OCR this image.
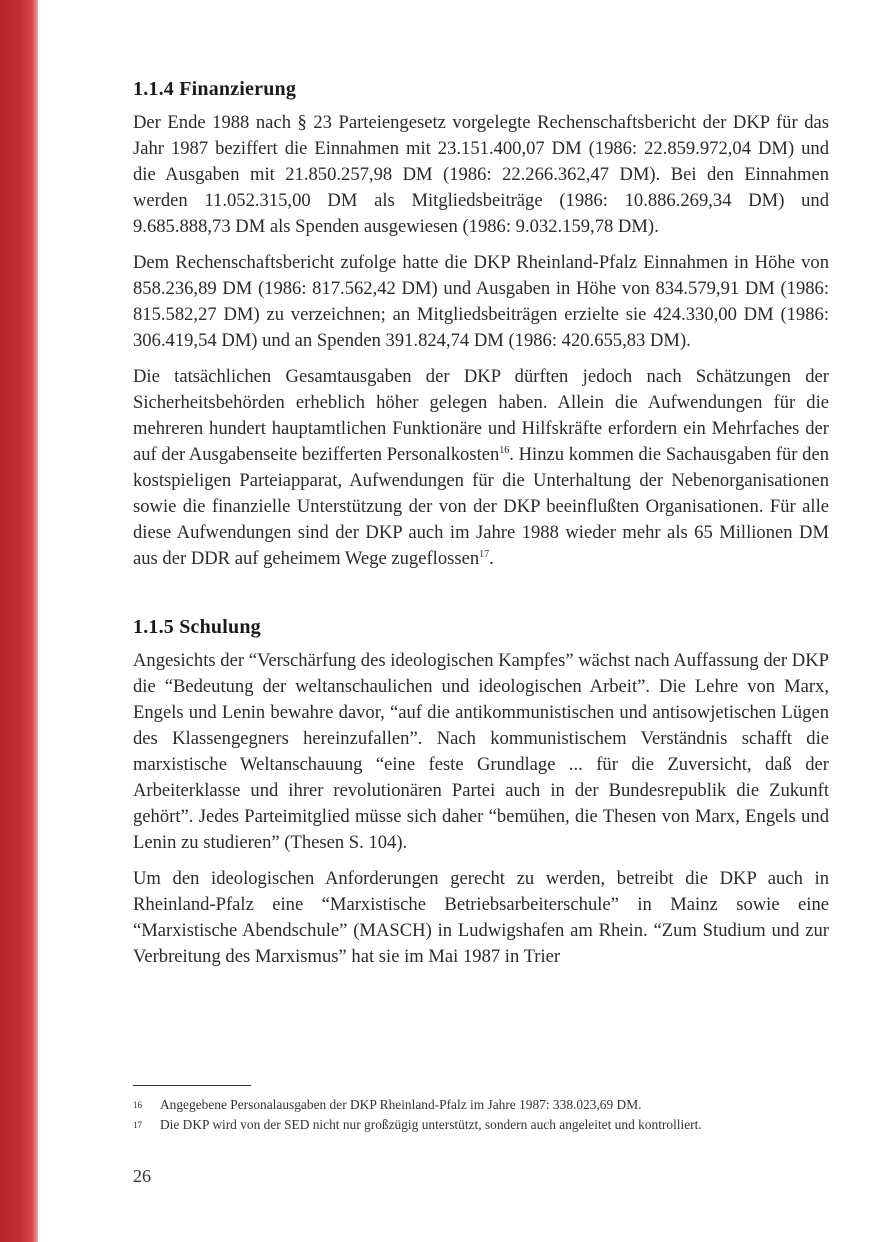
1.1.4 Finanzierung

Der Ende 1988 nach § 23 Parteiengesetz vorgelegte Rechenschaftsbericht der DKP für das Jahr 1987 beziffert die Einnahmen mit 23.151.400,07 DM (1986: 22.859.972,04 DM) und die Ausgaben mit 21.850.257,98 DM (1986: 22.266.362,47 DM). Bei den Einnahmen werden 11.052.315,00 DM als Mitgliedsbeiträge (1986: 10.886.269,34 DM) und 9.685.888,73 DM als Spenden ausgewiesen (1986: 9.032.159,78 DM).

Dem Rechenschaftsbericht zufolge hatte die DKP Rheinland-Pfalz Einnahmen in Höhe von 858.236,89 DM (1986: 817.562,42 DM) und Ausgaben in Höhe von 834.579,91 DM (1986: 815.582,27 DM) zu verzeichnen; an Mitgliedsbeiträgen erzielte sie 424.330,00 DM (1986: 306.419,54 DM) und an Spenden 391.824,74 DM (1986: 420.655,83 DM).

Die tatsächlichen Gesamtausgaben der DKP dürften jedoch nach Schätzungen der Sicherheitsbehörden erheblich höher gelegen haben. Allein die Aufwendungen für die mehreren hundert hauptamtlichen Funktionäre und Hilfskräfte erfordern ein Mehrfaches der auf der Ausgabenseite bezifferten Personalkosten$^{16}$. Hinzu kommen die Sachausgaben für den kostspieligen Parteiapparat, Aufwendungen für die Unterhaltung der Nebenorganisationen sowie die finanzielle Unterstützung der von der DKP beeinflußten Organisationen. Für alle diese Aufwendungen sind der DKP auch im Jahre 1988 wieder mehr als 65 Millionen DM aus der DDR auf geheimem Wege zugeflossen$^{17}$.

1.1.5 Schulung

Angesichts der “Verschärfung des ideologischen Kampfes” wächst nach Auffassung der DKP die “Bedeutung der weltanschaulichen und ideologischen Arbeit”. Die Lehre von Marx, Engels und Lenin bewahre davor, “auf die antikommunistischen und antisowjetischen Lügen des Klassengegners hereinzufallen”. Nach kommunistischem Verständnis schafft die marxistische Weltanschauung “eine feste Grundlage ... für die Zuversicht, daß der Arbeiterklasse und ihrer revolutionären Partei auch in der Bundesrepublik die Zukunft gehört”. Jedes Parteimitglied müsse sich daher “bemühen, die Thesen von Marx, Engels und Lenin zu studieren” (Thesen S. 104).

Um den ideologischen Anforderungen gerecht zu werden, betreibt die DKP auch in Rheinland-Pfalz eine “Marxistische Betriebsarbeiterschule” in Mainz sowie eine “Marxistische Abendschule” (MASCH) in Ludwigshafen am Rhein. “Zum Studium und zur Verbreitung des Marxismus” hat sie im Mai 1987 in Trier

16	Angegebene Personalausgaben der DKP Rheinland-Pfalz im Jahre 1987: 338.023,69 DM.
17	Die DKP wird von der SED nicht nur großzügig unterstützt, sondern auch angeleitet und kontrolliert.
26
